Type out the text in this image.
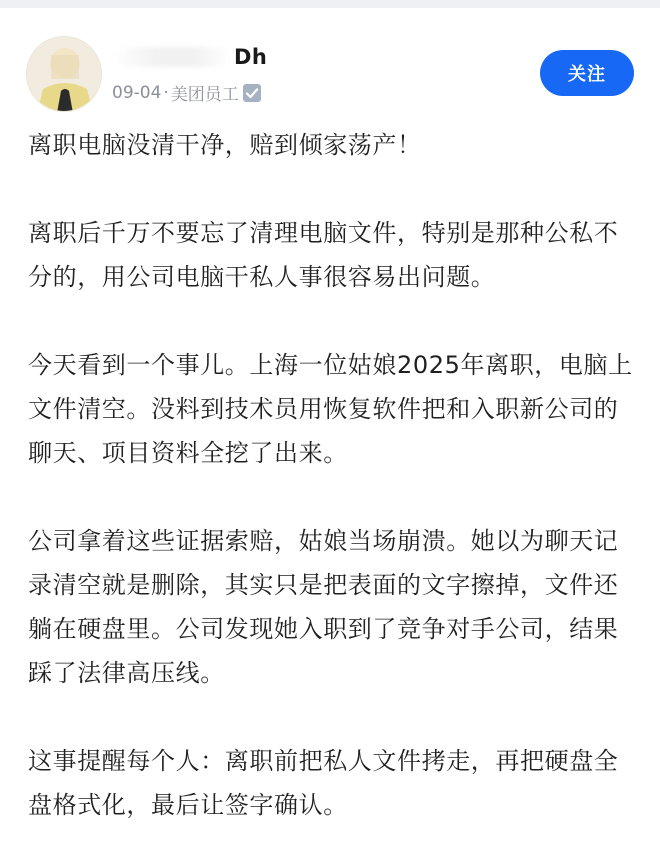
Dh
09-04 · 美团员工
关注

离职电脑没清干净，赔到倾家荡产！

离职后千万不要忘了清理电脑文件，特别是那种公私不分的，用公司电脑干私人事很容易出问题。

今天看到一个事儿。上海一位姑娘2025年离职，电脑上文件清空。没料到技术员用恢复软件把和入职新公司的聊天、项目资料全挖了出来。

公司拿着这些证据索赔，姑娘当场崩溃。她以为聊天记录清空就是删除，其实只是把表面的文字擦掉，文件还躺在硬盘里。公司发现她入职到了竞争对手公司，结果踩了法律高压线。

这事提醒每个人：离职前把私人文件拷走，再把硬盘全盘格式化，最后让签字确认。
